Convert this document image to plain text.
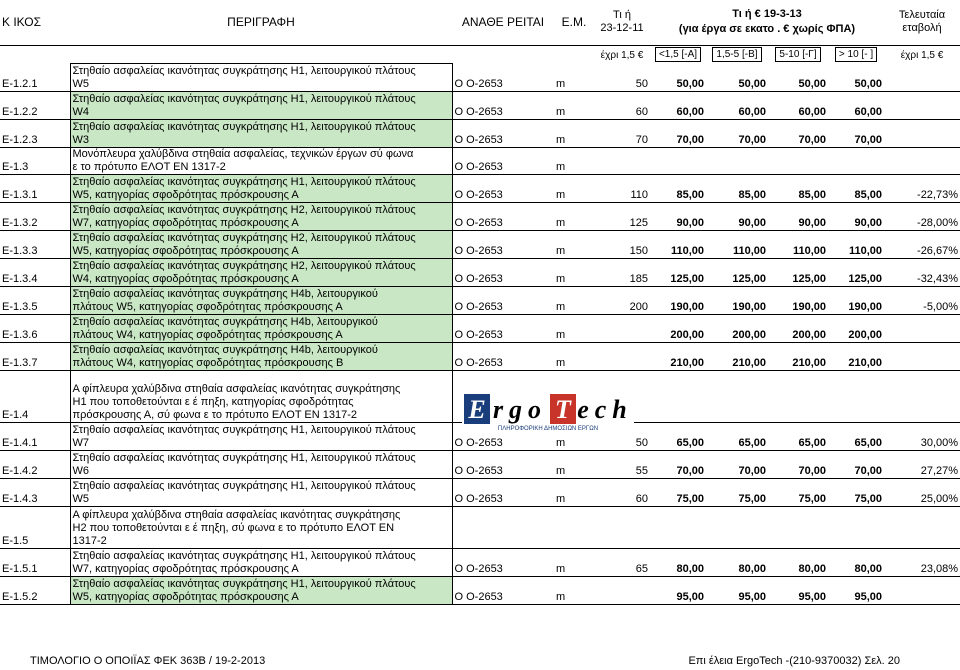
Κ ΙΚΟΣ	ΠΕΡΙΓΡΑΦΗ	ΑΝΑΘΕ ΡΕΙΤΑΙ	Ε.Μ.	Τι ή
23-12-11	Τι ή € 19-3-13
(για έργα σε εκατο . € χωρίς ΦΠΑ)				Τελευταία
εταβολή
				έχρι 1,5 €	<1,5 [-Α]	1,5-5 [-Β]	5-10 [-Γ]	> 10 [- ]	έχρι 1,5 €
Ε-1.2.1	Στηθαίο ασφαλείας ικανότητας συγκράτησης Η1, λειτουργικού πλάτους
W5	Ο Ο-2653	m	50	50,00	50,00	50,00	50,00	
Ε-1.2.2	Στηθαίο ασφαλείας ικανότητας συγκράτησης Η1, λειτουργικού πλάτους
W4	Ο Ο-2653	m	60	60,00	60,00	60,00	60,00	
Ε-1.2.3	Στηθαίο ασφαλείας ικανότητας συγκράτησης Η1, λειτουργικού πλάτους
W3	Ο Ο-2653	m	70	70,00	70,00	70,00	70,00	
Ε-1.3	Μονόπλευρα χαλύβδινα στηθαία ασφαλείας, τεχνικών έργων σύ φωνα
ε το πρότυπο ΕΛΟΤ ΕΝ 1317-2	Ο Ο-2653	m						
Ε-1.3.1	Στηθαίο ασφαλείας ικανότητας συγκράτησης Η1, λειτουργικού πλάτους
W5, κατηγορίας σφοδρότητας πρόσκρουσης Α	Ο Ο-2653	m	110	85,00	85,00	85,00	85,00	-22,73%
Ε-1.3.2	Στηθαίο ασφαλείας ικανότητας συγκράτησης Η2, λειτουργικού πλάτους
W7, κατηγορίας σφοδρότητας πρόσκρουσης Α	Ο Ο-2653	m	125	90,00	90,00	90,00	90,00	-28,00%
Ε-1.3.3	Στηθαίο ασφαλείας ικανότητας συγκράτησης Η2, λειτουργικού πλάτους
W5, κατηγορίας σφοδρότητας πρόσκρουσης Α	Ο Ο-2653	m	150	110,00	110,00	110,00	110,00	-26,67%
Ε-1.3.4	Στηθαίο ασφαλείας ικανότητας συγκράτησης Η2, λειτουργικού πλάτους
W4, κατηγορίας σφοδρότητας πρόσκρουσης Α	Ο Ο-2653	m	185	125,00	125,00	125,00	125,00	-32,43%
Ε-1.3.5	Στηθαίο ασφαλείας ικανότητας συγκράτησης Η4b, λειτουργικού
πλάτους W5, κατηγορίας σφοδρότητας πρόσκρουσης Α	Ο Ο-2653	m	200	190,00	190,00	190,00	190,00	-5,00%
Ε-1.3.6	Στηθαίο ασφαλείας ικανότητας συγκράτησης Η4b, λειτουργικού
πλάτους W4, κατηγορίας σφοδρότητας πρόσκρουσης Α	Ο Ο-2653	m		200,00	200,00	200,00	200,00	
Ε-1.3.7	Στηθαίο ασφαλείας ικανότητας συγκράτησης Η4b, λειτουργικού
πλάτους W4, κατηγορίας σφοδρότητας πρόσκρουσης Β	Ο Ο-2653	m		210,00	210,00	210,00	210,00	
Ε-1.4	Α φίπλευρα χαλύβδινα στηθαία ασφαλείας ικανότητας συγκράτησης
Η1 που τοποθετούνται ε έ πηξη, κατηγορίας σφοδρότητας
πρόσκρουσης Α, σύ φωνα ε το πρότυπο ΕΛΟΤ ΕΝ 1317-2								

Ε-1.4.1	Στηθαίο ασφαλείας ικανότητας συγκράτησης Η1, λειτουργικού πλάτους
W7	Ο Ο-2653	m	50	65,00	65,00	65,00	65,00	30,00%
Ε-1.4.2	Στηθαίο ασφαλείας ικανότητας συγκράτησης Η1, λειτουργικού πλάτους
W6	Ο Ο-2653	m	55	70,00	70,00	70,00	70,00	27,27%
Ε-1.4.3	Στηθαίο ασφαλείας ικανότητας συγκράτησης Η1, λειτουργικού πλάτους
W5	Ο Ο-2653	m	60	75,00	75,00	75,00	75,00	25,00%
Ε-1.5	Α φίπλευρα χαλύβδινα στηθαία ασφαλείας ικανότητας συγκράτησης
Η2 που τοποθετούνται ε έ πηξη, σύ φωνα ε το πρότυπο ΕΛΟΤ ΕΝ
1317-2								

Ε-1.5.1	Στηθαίο ασφαλείας ικανότητας συγκράτησης Η1, λειτουργικού πλάτους
W7, κατηγορίας σφοδρότητας πρόσκρουσης Α	Ο Ο-2653	m	65	80,00	80,00	80,00	80,00	23,08%
Ε-1.5.2	Στηθαίο ασφαλείας ικανότητας συγκράτησης Η1, λειτουργικού πλάτους
W5, κατηγορίας σφοδρότητας πρόσκρουσης Α	Ο Ο-2653	m		95,00	95,00	95,00	95,00	
E rgo T ech
ΠΛΗΡΟΦΟΡΙΚΗ ΔΗΜΟΣΙΩΝ ΕΡΓΩΝ
ΤΙΜΟΛΟΓΙΟ Ο ΟΠΟΙΪΑΣ ΦΕΚ 363Β / 19-2-2013	Επι έλεια ErgoTech -(210-9370032) Σελ. 20
